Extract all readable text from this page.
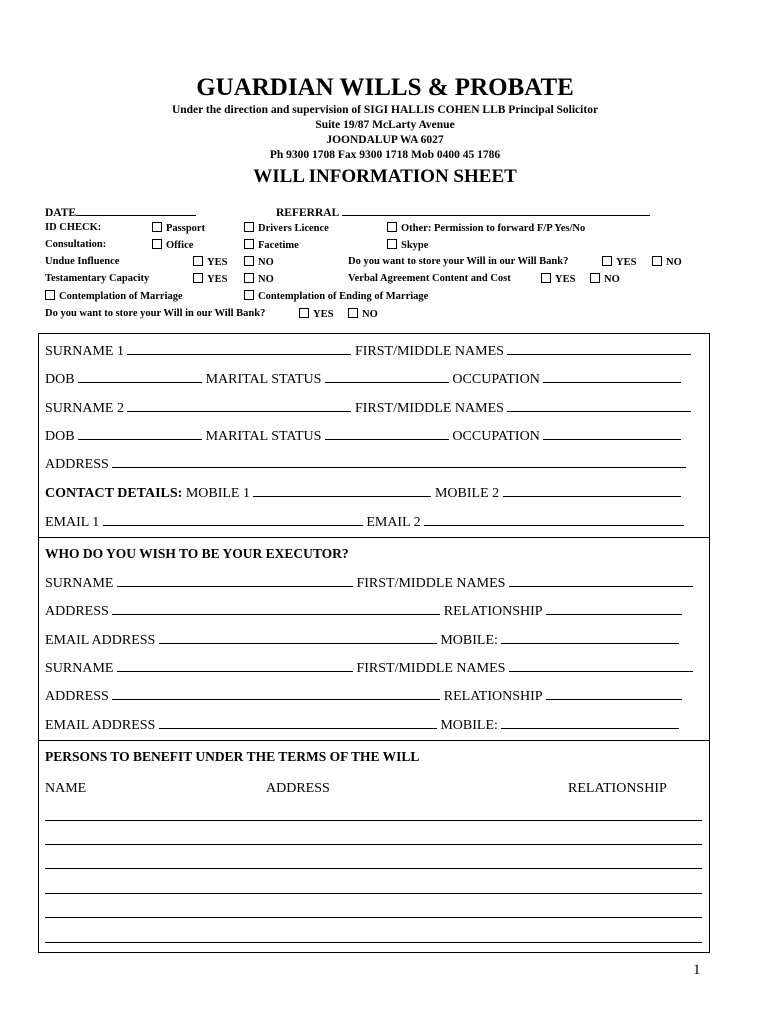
GUARDIAN WILLS & PROBATE
Under the direction and supervision of SIGI HALLIS COHEN LLB Principal Solicitor
Suite 19/87 McLarty Avenue
JOONDALUP WA 6027
Ph 9300 1708 Fax 9300 1718 Mob 0400 45 1786
WILL INFORMATION SHEET
DATE	REFERRAL
ID CHECK:	Passport	Drivers Licence	Other: Permission to forward F/P Yes/No
Consultation:	Office	Facetime	Skype
Undue Influence	YES	NO	Do you want to store your Will in our Will Bank?	YES	NO
Testamentary Capacity	YES	NO	Verbal Agreement Content and Cost	YES	NO
Contemplation of Marriage	Contemplation of Ending of Marriage
Do you want to store your Will in our Will Bank?	YES	NO
SURNAME 1	FIRST/MIDDLE NAMES
DOB	MARITAL STATUS	OCCUPATION
SURNAME 2	FIRST/MIDDLE NAMES
DOB	MARITAL STATUS	OCCUPATION
ADDRESS
CONTACT DETAILS: MOBILE 1	MOBILE 2
EMAIL 1	EMAIL 2
WHO DO YOU WISH TO BE YOUR EXECUTOR?
SURNAME	FIRST/MIDDLE NAMES
ADDRESS	RELATIONSHIP
EMAIL ADDRESS	MOBILE:
SURNAME	FIRST/MIDDLE NAMES
ADDRESS	RELATIONSHIP
EMAIL ADDRESS	MOBILE:
PERSONS TO BENEFIT UNDER THE TERMS OF THE WILL
NAME	ADDRESS	RELATIONSHIP
1
